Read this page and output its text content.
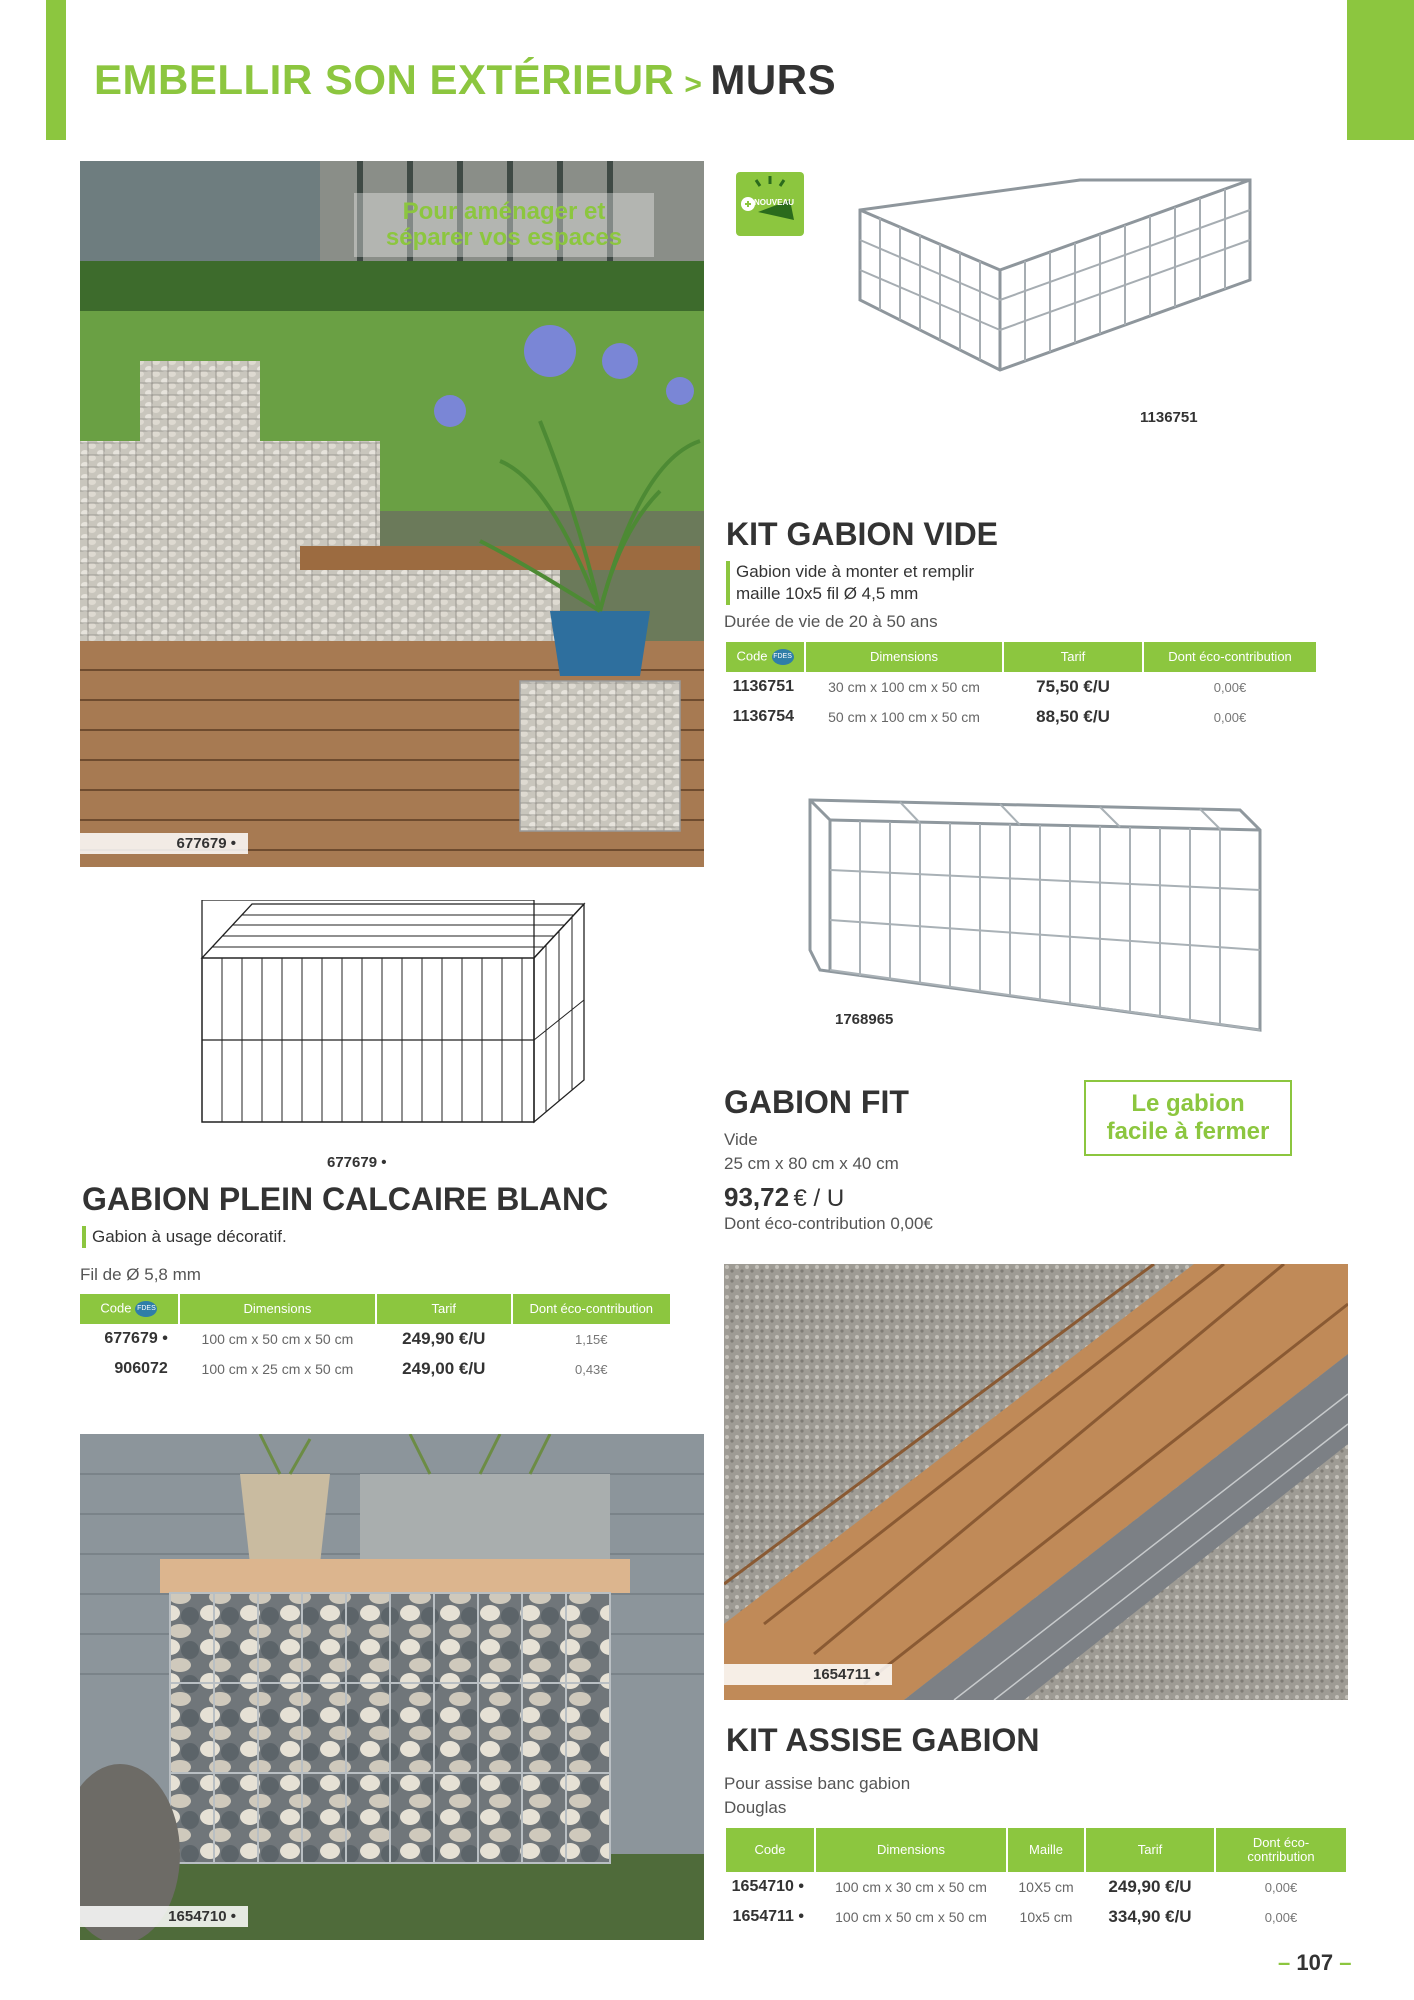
EMBELLIR SON EXTÉRIEUR > MURS
Pour aménager et séparer vos espaces
677679 •
NOUVEAU
1136751
KIT GABION VIDE
Gabion vide à monter et remplir
maille 10x5 fil Ø 4,5 mm
Durée de vie de 20 à 50 ans
Code FDES	Dimensions	Tarif	Dont éco-contribution
1136751	30 cm x 100 cm x 50 cm	75,50 €/U	0,00€
1136754	50 cm x 100 cm x 50 cm	88,50 €/U	0,00€
677679 •
GABION PLEIN CALCAIRE BLANC
Gabion à usage décoratif.
Fil de Ø 5,8 mm
Code FDES	Dimensions	Tarif	Dont éco-contribution
677679 •	100 cm x 50 cm x 50 cm	249,90 €/U	1,15€
906072	100 cm x 25 cm x 50 cm	249,00 €/U	0,43€
1768965
GABION FIT
Vide
25 cm x 80 cm x 40 cm
93,72 € / U
Dont éco-contribution 0,00€
Le gabion
facile à fermer
1654710 •
1654711 •
KIT ASSISE GABION
Pour assise banc gabion
Douglas
Code	Dimensions	Maille	Tarif	Dont éco-contribution
1654710 •	100 cm x 30 cm x 50 cm	10X5 cm	249,90 €/U	0,00€
1654711 •	100 cm x 50 cm x 50 cm	10x5 cm	334,90 €/U	0,00€
– 107 –
